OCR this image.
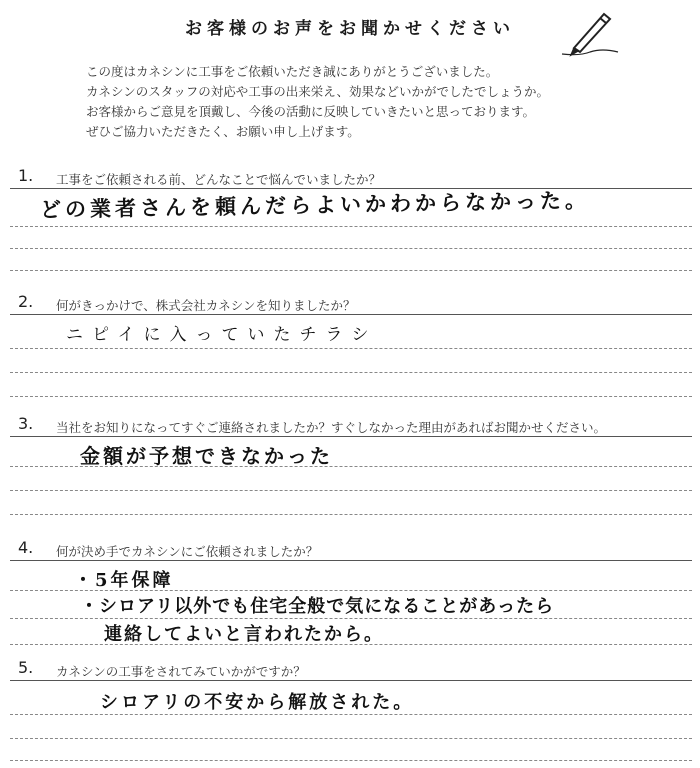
お客様のお声をお聞かせください
この度はカネシンに工事をご依頼いただき誠にありがとうございました。
カネシンのスタッフの対応や工事の出来栄え、効果などいかがでしたでしょうか。
お客様からご意見を頂戴し、今後の活動に反映していきたいと思っております。
ぜひご協力いただきたく、お願い申し上げます。
1. 工事をご依頼される前、どんなことで悩んでいましたか？
どの業者さんを頼んだらよいかわからなかった。
2. 何がきっかけで、株式会社カネシンを知りましたか？
ニピイに入っていたチラシ
3. 当社をお知りになってすぐご連絡されましたか？すぐしなかった理由があればお聞かせください。
金額が予想できなかった
4. 何が決め手でカネシンにご依頼されましたか？
・5年保障
・シロアリ以外でも住宅全般で気になることがあったら
連絡してよいと言われたから。
5. カネシンの工事をされてみていかがですか？
シロアリの不安から解放された。
